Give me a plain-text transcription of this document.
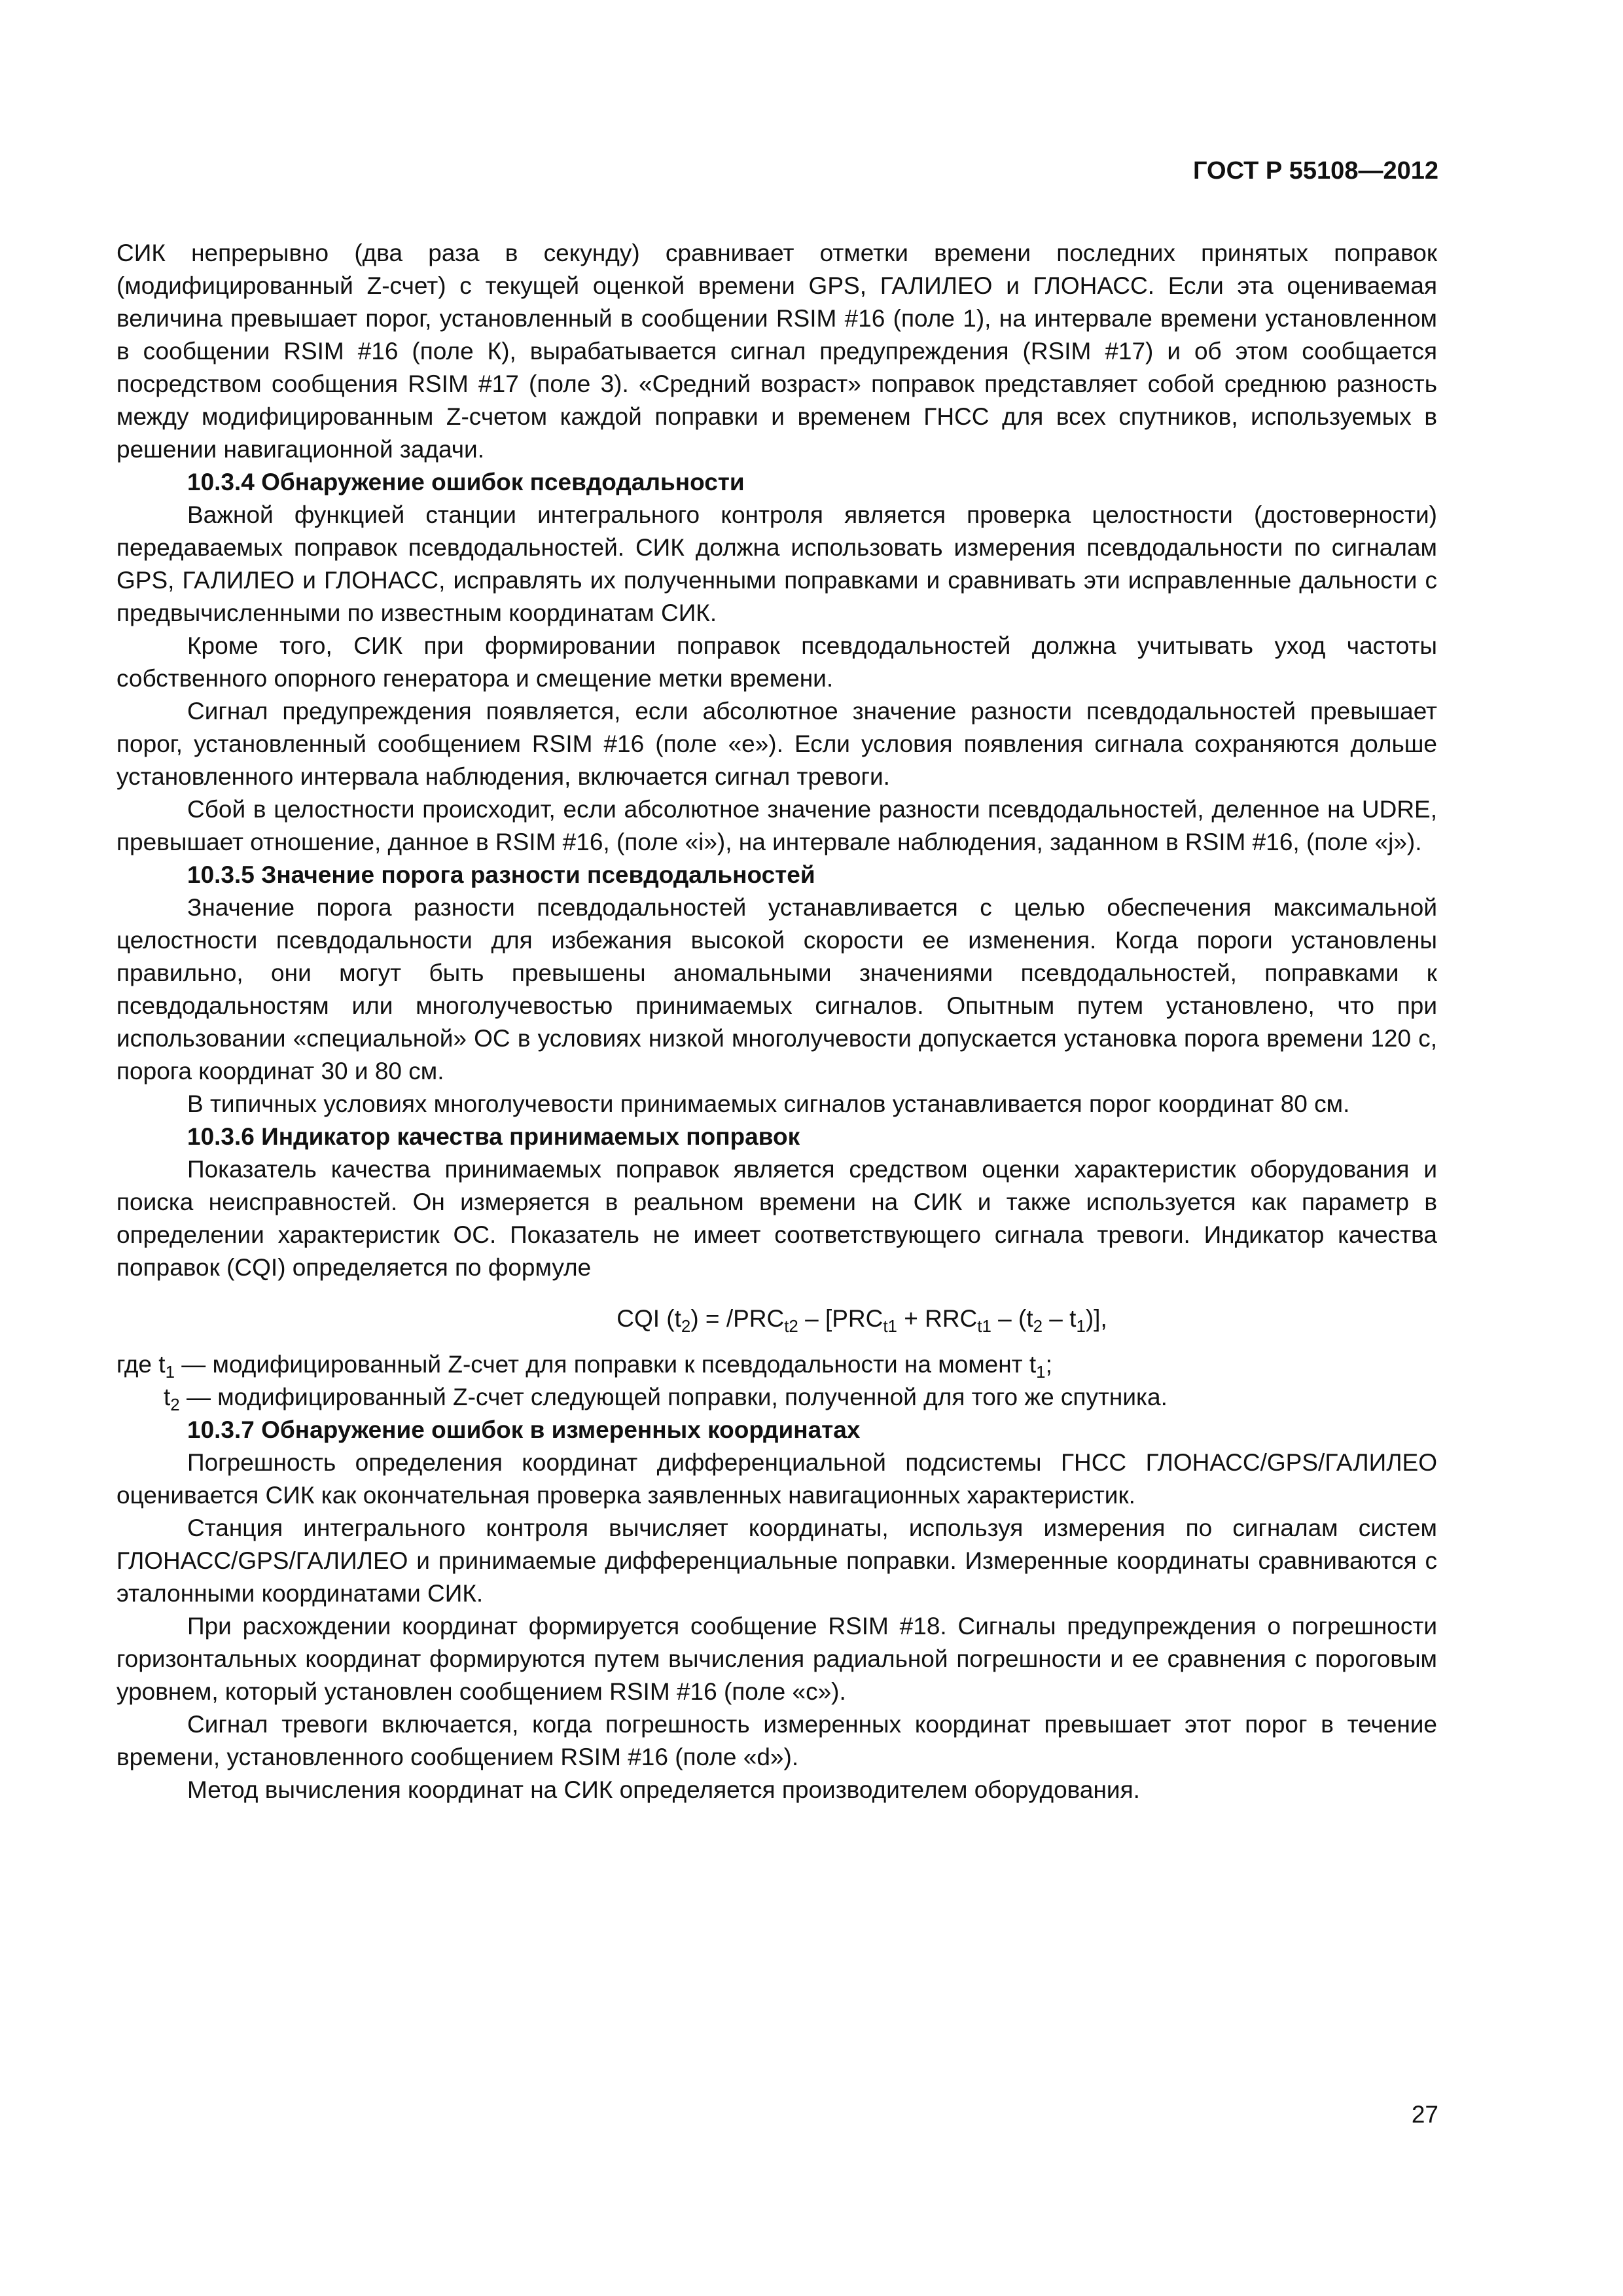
ГОСТ Р 55108—2012

СИК непрерывно (два раза в секунду) сравнивает отметки времени последних принятых поправок (модифицированный Z-счет) с текущей оценкой времени GPS, ГАЛИЛЕО и ГЛОНАСС. Если эта оцениваемая величина превышает порог, установленный в сообщении RSIM #16 (поле 1), на интервале времени установленном в сообщении RSIM #16 (поле К), вырабатывается сигнал предупреждения (RSIM #17) и об этом сообщается посредством сообщения RSIM #17 (поле 3). «Средний возраст» поправок представляет собой среднюю разность между модифицированным Z-счетом каждой поправки и временем ГНСС для всех спутников, используемых в решении навигационной задачи.

10.3.4 Обнаружение ошибок псевдодальности

Важной функцией станции интегрального контроля является проверка целостности (достоверности) передаваемых поправок псевдодальностей. СИК должна использовать измерения псевдодальности по сигналам GPS, ГАЛИЛЕО и ГЛОНАСС, исправлять их полученными поправками и сравнивать эти исправленные дальности с предвычисленными по известным координатам СИК.

Кроме того, СИК при формировании поправок псевдодальностей должна учитывать уход частоты собственного опорного генератора и смещение метки времени.

Сигнал предупреждения появляется, если абсолютное значение разности псевдодальностей превышает порог, установленный сообщением RSIM #16 (поле «е»). Если условия появления сигнала сохраняются дольше установленного интервала наблюдения, включается сигнал тревоги.

Сбой в целостности происходит, если абсолютное значение разности псевдодальностей, деленное на UDRE, превышает отношение, данное в RSIM #16, (поле «i»), на интервале наблюдения, заданном в RSIM #16, (поле «j»).

10.3.5 Значение порога разности псевдодальностей

Значение порога разности псевдодальностей устанавливается с целью обеспечения максимальной целостности псевдодальности для избежания высокой скорости ее изменения. Когда пороги установлены правильно, они могут быть превышены аномальными значениями псевдодальностей, поправками к псевдодальностям или многолучевостью принимаемых сигналов. Опытным путем установлено, что при использовании «специальной» ОС в условиях низкой многолучевости допускается установка порога времени 120 с, порога координат 30 и 80 см.

В типичных условиях многолучевости принимаемых сигналов устанавливается порог координат 80 см.

10.3.6 Индикатор качества принимаемых поправок

Показатель качества принимаемых поправок является средством оценки характеристик оборудования и поиска неисправностей. Он измеряется в реальном времени на СИК и также используется как параметр в определении характеристик ОС. Показатель не имеет соответствующего сигнала тревоги. Индикатор качества поправок (CQI) определяется по формуле

CQI $(t_2) = /PRC_{t2} - [PRC_{t1} + RRC_{t1} - (t_2 - t_1)]$,

где $t_1$ — модифицированный Z-счет для поправки к псевдодальности на момент $t_1$;

$t_2$ — модифицированный Z-счет следующей поправки, полученной для того же спутника.

10.3.7 Обнаружение ошибок в измеренных координатах

Погрешность определения координат дифференциальной подсистемы ГНСС ГЛОНАСС/GPS/ГАЛИЛЕО оценивается СИК как окончательная проверка заявленных навигационных характеристик.

Станция интегрального контроля вычисляет координаты, используя измерения по сигналам систем ГЛОНАСС/GPS/ГАЛИЛЕО и принимаемые дифференциальные поправки. Измеренные координаты сравниваются с эталонными координатами СИК.

При расхождении координат формируется сообщение RSIM #18. Сигналы предупреждения о погрешности горизонтальных координат формируются путем вычисления радиальной погрешности и ее сравнения с пороговым уровнем, который установлен сообщением RSIM #16 (поле «с»).

Сигнал тревоги включается, когда погрешность измеренных координат превышает этот порог в течение времени, установленного сообщением RSIM #16 (поле «d»).

Метод вычисления координат на СИК определяется производителем оборудования.

27
